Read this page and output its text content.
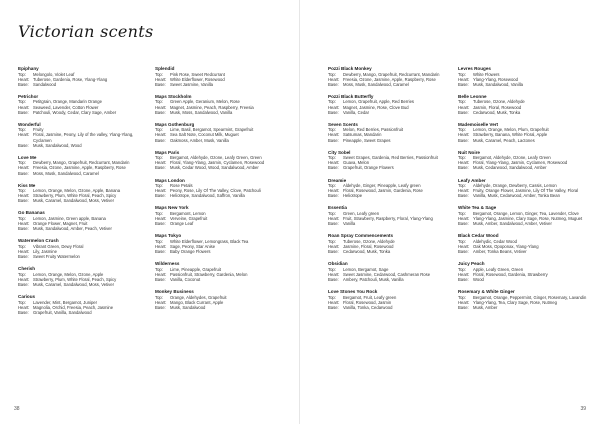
Victorian scents
Epiphany
Top:	Melongolo, Violet Leaf
Heart: Tuberose, Gardenia, Rose, Ylang-Ylang
Base:	Sandalwood
Petrichor
Top:	Petitgrain, Orange, Mandarin Orange
Heart: Seaweed, Lavender, Cotton Flower
Base:	Patchouli, Woody, Cedar, Clary Sage, Amber
Wonderful
Top:	Fruity
Heart: Floral, Jasmine, Peony, Lily of the valley, Ylang-Ylang, Cyclamen
Base:	Musk, Sandalwood, Wood
Love Me
Top:	Dewberry, Mango, Grapefruit, Redcurrant, Mandarin
Heart: Freesia, Ozone, Jasmine, Apple, Raspberry, Rose
Base:	Moss, Musk, Sandalwood, Caramel
Kiss Me
Top:	Lemon, Orange, Melon, Ozone, Apple, Banana
Heart: Strawberry, Plum, White Floral, Peach, Spicy
Base:	Musk, Caramel, Sandalwood, Moss, Vetiver
Go Bananas
Top:	Lemon, Jasmine, Green apple, Banana
Heart: Orange Flower, Magnet, Fruit
Base:	Musk, Sandalwood, Amber, Peach, Vetiver
Watermelon Crush
Top:	Vibrant Green, Dewy Floral
Heart: Lily, Jasmine
Base:	Sweet Fruity Watermelon
Cherish
Top:	Lemon, Orange, Melon, Ozone, Apple
Heart: Strawberry, Plum, White Floral, Peach, Spicy
Base:	Musk, Caramel, Sandalwood, Moss, Vetiver
Carious
Top:	Lavender, Mint, Bergamot, Juniper
Heart: Magnolia, Orchid, Freesia, Peach, Jasmine
Base:	Grapefruit, Vanilla, Sandalwood
Splendid
Top:	Pink Rose, Sweet Redcurrant
Heart: White Elderflower, Rosewood
Base:	Sweet Jasmine, Vanilla
Maps Stockholm
Top:	Green Apple, Geranium, Melon, Rose
Heart: Magnet, Jasmine, Peach, Raspberry, Freesia
Base:	Musk, Moss, Sandalwood, Vanilla
Maps Gothenburg
Top:	Lime, Basil, Bergamot, Spearmint, Grapefruit
Heart: Sea Salt Note, Coconut Milk, Muguet
Base:	Oakmoss, Amber, Musk, Vanilla
Maps Paris
Top:	Bergamot, Aldehyde, Ozone, Leafy Green, Green
Heart: Floral, Ylang-Ylang, Jasmin, Cyclamen, Rosewood
Base:	Musk, Cedar Wood, Wood, Sandalwood, Amber
Maps London
Top:	Rose Petals
Heart: Peony, Rose, Lily Of The Valley, Clove, Patchouli
Base:	Heliotrope, Sandalwood, Saffron, Vanilla
Maps New York
Top:	Bergamont, Lemon
Heart: Verveine, Grapefruit
Base:	Orange Leaf
Maps Tokyo
Top:	White Elderflower, Lemongrass, Black Tea
Heart: Sage, Peony, Star Anise
Base:	Baby Orange Flowers
Wilderness
Top:	Lime, Pineapple, Grapefruit
Heart: Passionfruit, Strawberry, Gardenia, Melon
Base:	Vanilla, Coconut
Monkey Business
Top:	Orange, Aldehydes, Grapefruit
Heart: Mango, Black Currant, Apple
Base:	Musk, Sandalwood
38
Pozzi Black Monkey
Top:	Dewberry, Mango, Grapefruit, Redcurrant, Mandarin
Heart: Freesia, Ozone, Jasmine, Apple, Raspberry, Rose
Base:	Moss, Musk, Sandalwood, Caramel
Pozzi Black Butterfly
Top:	Lemon, Grapefruit, Apple, Red Berries
Heart: Magnet, Jasmine, Rose, Clove Bud
Base:	Vanilla, Cedar
Seven Scents
Top:	Melon, Red Berries, Passionfruit
Heart: Satsumas, Mandarin
Base:	Pineapple, Sweet Grapes
City Sobel
Top:	Sweet Grapes, Gardenia, Red Berries, Passionfruit
Heart: Guava, Melon
Base:	Grapefruit, Orange Flowers
Dreamie
Top:	Aldehyde, Ginger, Pineapple, Leafy green
Heart: Floral, Rosewood, Jasmin, Gardenia, Rose
Base:	Heliotrope
Essentia
Top:	Green, Leafy green
Heart: Fruit, Strawberry, Raspberry, Floral, Ylang-Ylang
Base:	Vanilla
Roan Spray Commencements
Top:	Tuberose, Ozone, Aldehyde
Heart: Jasmine, Floral, Rosewood
Base:	Cedarwood, Musk, Tonka
Obsidian
Top:	Lemon, Bergamot, Sage
Heart: Sweet Jasmine, Cedarwood, Cashmeran Rose
Base:	Ambery, Patchouli, Musk, Vanilla
Love Stones You Rock
Top:	Bergamot, Fruit, Leafy green
Heart: Floral, Rosewood, Jasmin
Base:	Vanilla, Tonka, Cedarwood
Levres Rouges
Top:	White Flowers
Heart: Ylang-Ylang, Rosewood
Base:	Musk, Sandalwood, Vanilla
Belle Leonne
Top:	Tuberose, Ozone, Aldehyde
Heart: Jasmin, Floral, Rosewood
Base:	Cedarwood, Musk, Tonka
Mademoiselle Vert
Top:	Lemon, Orange, Melon, Plum, Grapefruit
Heart: Strawberry, Banana, White Floral, Apple
Base:	Musk, Caramel, Peach, Lactones
Nuit Noire
Top:	Bergamot, Aldehyde, Ozone, Leafy Green
Heart: Floral, Ylang-Ylang, Jasmin, Cyclamen, Rosewood
Base:	Musk, Cedarwood, Sandalwood, Amber
Leafy Amber
Top:	Aldehyde, Orange, Dewberry, Cassis, Lemon
Heart: Fruity, Orange Flower, Jasmine, Lily Of The Valley, Floral
Base:	Vanilla, Musk, Cedarwood, Amber, Tonka Bean
White Tea & Sage
Top:	Bergamot, Orange, Lemon, Ginger, Tea, Lavender, Clove
Heart: Ylang-Ylang, Jasmine, Clary Sage, Rose, Nutmeg, Muguet
Base:	Musk, Amber, Sandalwood, Amber, Vetiver
Black Cedar Wood
Top:	Aldehydic, Cedar Wood
Heart: Oak Moss, Opoponax, Ylang-Ylang
Base:	Amber, Tonka Beans, Vetiver
Juicy Peach
Top:	Apple, Leafy Green, Green
Heart: Floral, Rosewood, Gardenia, Strawberry
Base:	Wood
Rosemary & White Ginger
Top:	Bergamot, Orange, Peppermint, Ginger, Rosemary, Lavandin
Heart: Ylang-Ylang, Tea, Clary Sage, Rose, Nutmeg
Base:	Musk, Amber
39
